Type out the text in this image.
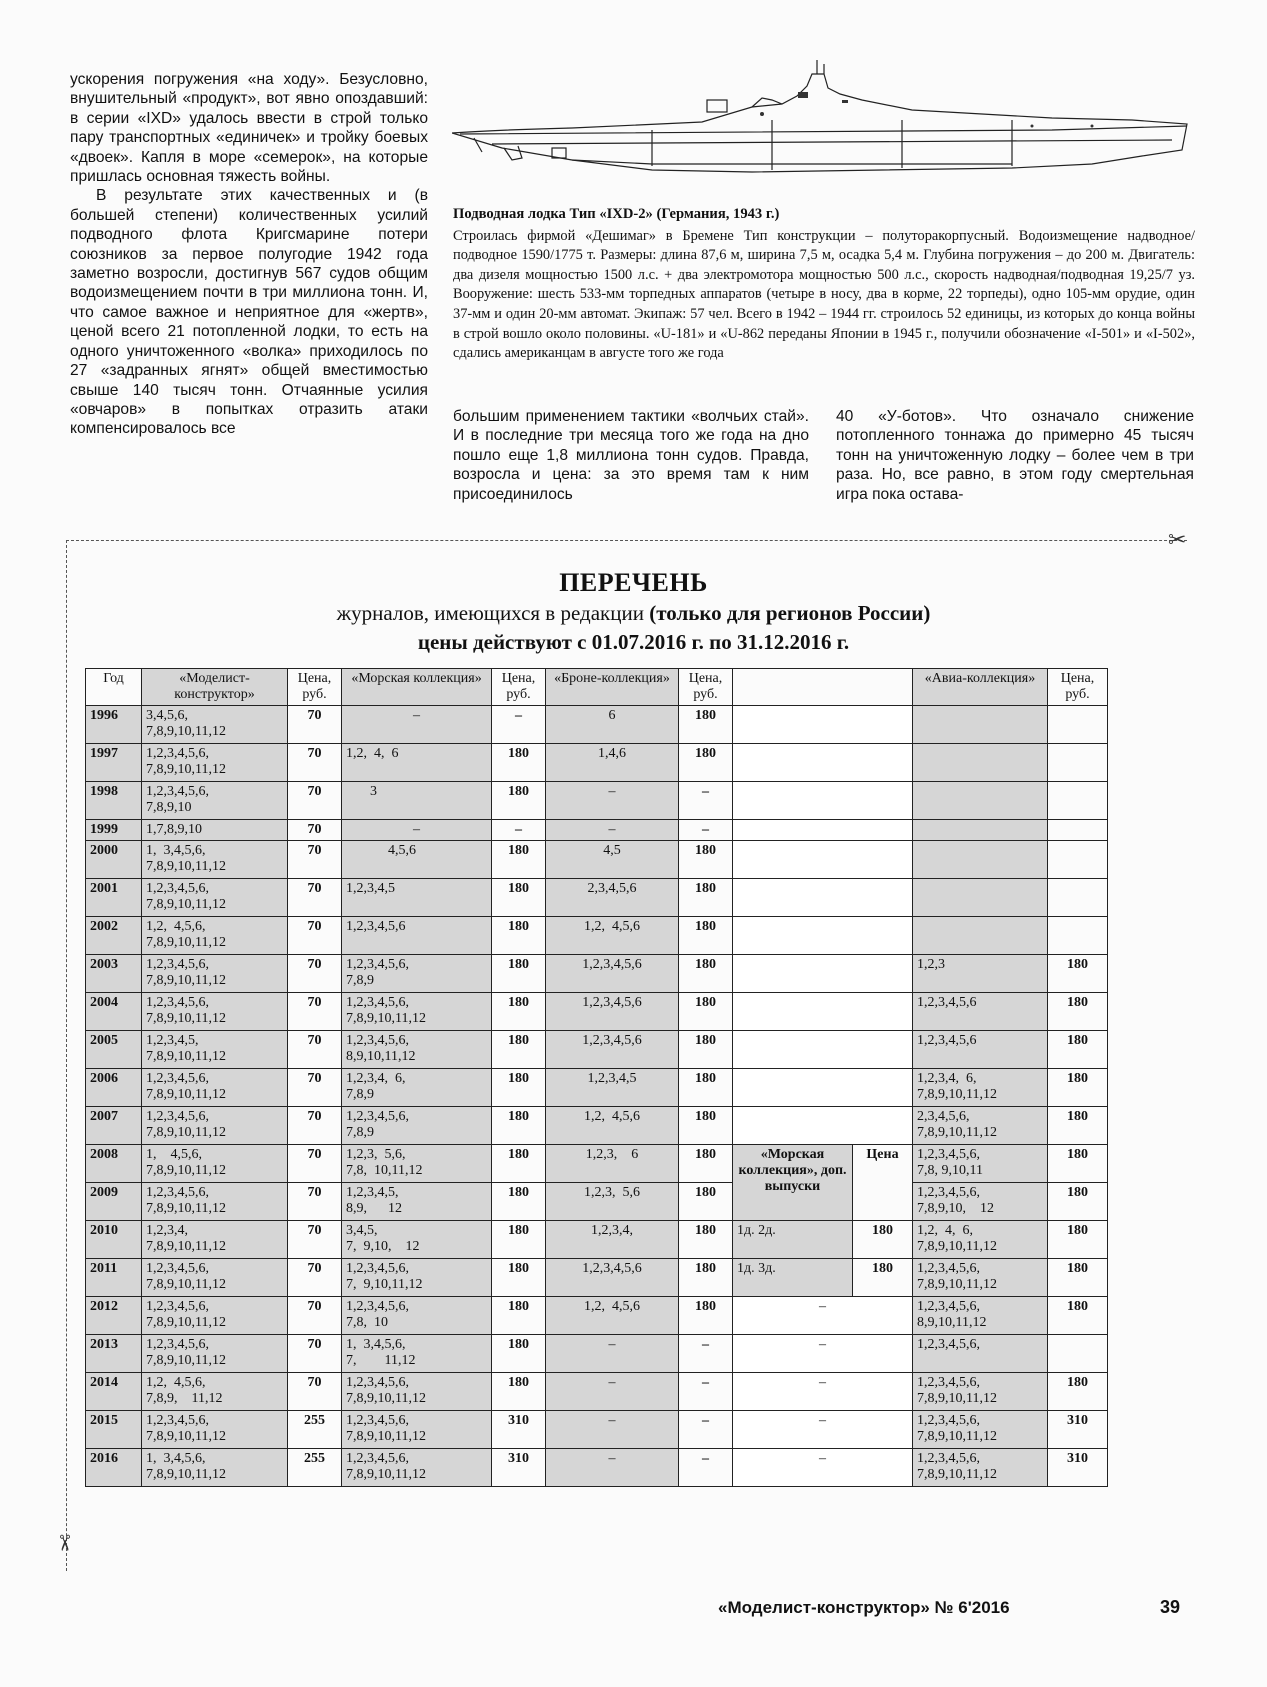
ускорения погружения «на ходу». Безусловно, внушительный «продукт», вот явно опоздавший: в серии «IXD» удалось ввести в строй только пару транспортных «единичек» и тройку боевых «двоек». Капля в море «семерок», на которые пришлась основная тяжесть войны.

В результате этих качественных и (в большей степени) количественных усилий подводного флота Кригсмарине потери союзников за первое полугодие 1942 года заметно возросли, достигнув 567 судов общим водоизмещением почти в три миллиона тонн. И, что самое важное и неприятное для «жертв», ценой всего 21 потопленной лодки, то есть на одного уничтоженного «волка» приходилось по 27 «задранных ягнят» общей вместимостью свыше 140 тысяч тонн. Отчаянные усилия «овчаров» в попытках отразить атаки компенсировалось все

Подводная лодка Тип «IXD-2» (Германия, 1943 г.)

Строилась фирмой «Дешимаг» в Бремене Тип конструкции – полуторакорпусный. Водоизмещение надводное/подводное 1590/1775 т. Размеры: длина 87,6 м, ширина 7,5 м, осадка 5,4 м. Глубина погружения – до 200 м. Двигатель: два дизеля мощностью 1500 л.с. + два электромотора мощностью 500 л.с., скорость надводная/подводная 19,25/7 уз. Вооружение: шесть 533-мм торпедных аппаратов (четыре в носу, два в корме, 22 торпеды), одно 105-мм орудие, один 37-мм и один 20-мм автомат. Экипаж: 57 чел. Всего в 1942 – 1944 гг. строилось 52 единицы, из которых до конца войны в строй вошло около половины. «U-181» и «U-862 переданы Японии в 1945 г., получили обозначение «I-501» и «I-502», сдались американцам в августе того же года

большим применением тактики «волчьих стай». И в последние три месяца того же года на дно пошло еще 1,8 миллиона тонн судов. Правда, возросла и цена: за это время там к ним присоединилось

40 «У-ботов». Что означало снижение потопленного тоннажа до примерно 45 тысяч тонн на уничтоженную лодку – более чем в три раза. Но, все равно, в этом году смертельная игра пока остава-

✂
✂
ПЕРЕЧЕНЬ
журналов, имеющихся в редакции (только для регионов России)
цены действуют с 01.07.2016 г. по 31.12.2016 г.
Год	«Моделист-конструктор»	Цена, руб.	«Морская коллекция»	Цена, руб.	«Броне-коллекция»	Цена, руб.			«Авиа-коллекция»	Цена, руб.
1996	3,4,5,6,
7,8,9,10,11,12	70	–	–	6	180				
1997	1,2,3,4,5,6,
7,8,9,10,11,12	70	1,2,  4,  6	180	1,4,6	180				
1998	1,2,3,4,5,6,
7,8,9,10	70	3	180	–	–				
1999	1,7,8,9,10	70	–	–	–	–				
2000	1,  3,4,5,6,
7,8,9,10,11,12	70	4,5,6	180	4,5	180				
2001	1,2,3,4,5,6,
7,8,9,10,11,12	70	1,2,3,4,5	180	2,3,4,5,6	180				
2002	1,2,  4,5,6,
7,8,9,10,11,12	70	1,2,3,4,5,6	180	1,2,  4,5,6	180				
2003	1,2,3,4,5,6,
7,8,9,10,11,12	70	1,2,3,4,5,6,
7,8,9	180	1,2,3,4,5,6	180			1,2,3	180
2004	1,2,3,4,5,6,
7,8,9,10,11,12	70	1,2,3,4,5,6,
7,8,9,10,11,12	180	1,2,3,4,5,6	180			1,2,3,4,5,6	180
2005	1,2,3,4,5,
7,8,9,10,11,12	70	1,2,3,4,5,6,
8,9,10,11,12	180	1,2,3,4,5,6	180			1,2,3,4,5,6	180
2006	1,2,3,4,5,6,
7,8,9,10,11,12	70	1,2,3,4,  6,
7,8,9	180	1,2,3,4,5	180			1,2,3,4,  6,
7,8,9,10,11,12	180
2007	1,2,3,4,5,6,
7,8,9,10,11,12	70	1,2,3,4,5,6,
7,8,9	180	1,2,  4,5,6	180			2,3,4,5,6,
7,8,9,10,11,12	180
2008	1,    4,5,6,
7,8,9,10,11,12	70	1,2,3,  5,6,
7,8,  10,11,12	180	1,2,3,    6	180	«Морская коллекция», доп. выпуски	Цена	1,2,3,4,5,6,
7,8, 9,10,11	180
2009	1,2,3,4,5,6,
7,8,9,10,11,12	70	1,2,3,4,5,
8,9,      12	180	1,2,3,  5,6	180			1,2,3,4,5,6,
7,8,9,10,    12	180
2010	1,2,3,4,
7,8,9,10,11,12	70	3,4,5,
7,  9,10,    12	180	1,2,3,4,	180	1д. 2д.	180	1,2,  4,  6,
7,8,9,10,11,12	180
2011	1,2,3,4,5,6,
7,8,9,10,11,12	70	1,2,3,4,5,6,
7,  9,10,11,12	180	1,2,3,4,5,6	180	1д. 3д.	180	1,2,3,4,5,6,
7,8,9,10,11,12	180
2012	1,2,3,4,5,6,
7,8,9,10,11,12	70	1,2,3,4,5,6,
7,8,  10	180	1,2,  4,5,6	180	–		1,2,3,4,5,6,
8,9,10,11,12	180
2013	1,2,3,4,5,6,
7,8,9,10,11,12	70	1,  3,4,5,6,
7,        11,12	180	–	–	–		1,2,3,4,5,6,	
2014	1,2,  4,5,6,
7,8,9,    11,12	70	1,2,3,4,5,6,
7,8,9,10,11,12	180	–	–	–		1,2,3,4,5,6,
7,8,9,10,11,12	180
2015	1,2,3,4,5,6,
7,8,9,10,11,12	255	1,2,3,4,5,6,
7,8,9,10,11,12	310	–	–	–		1,2,3,4,5,6,
7,8,9,10,11,12	310
2016	1,  3,4,5,6,
7,8,9,10,11,12	255	1,2,3,4,5,6,
7,8,9,10,11,12	310	–	–	–		1,2,3,4,5,6,
7,8,9,10,11,12	310
«Моделист-конструктор» № 6'2016	39
